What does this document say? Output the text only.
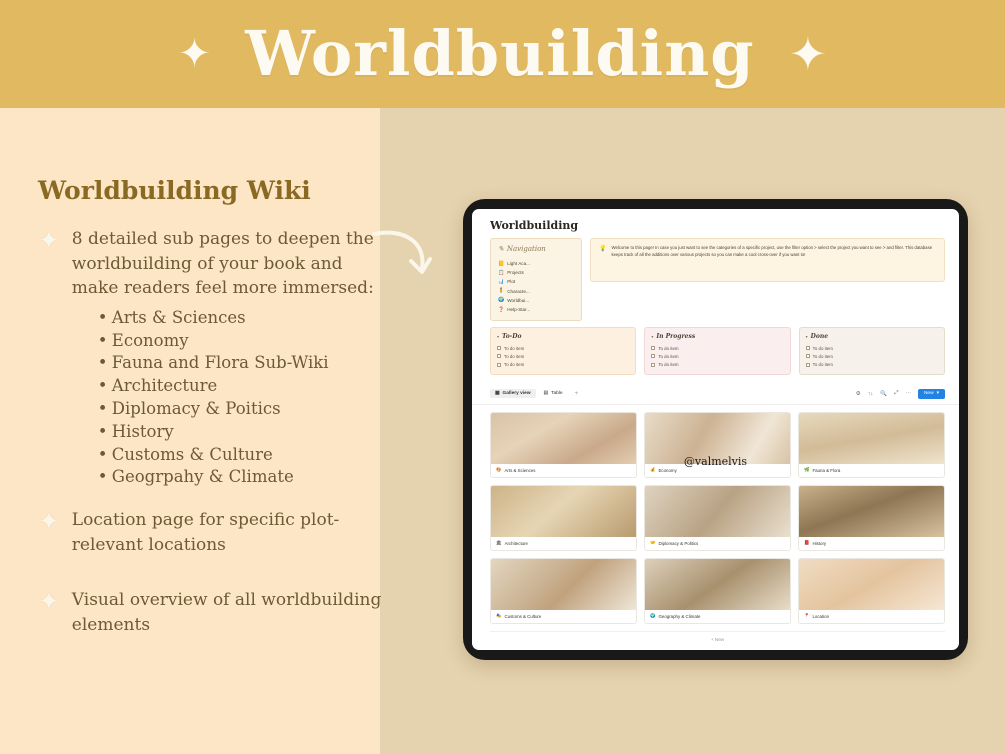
✦ Worldbuilding ✦
Worldbuilding Wiki
✦ 8 detailed sub pages to deepen the worldbuilding of your book and make readers feel more immersed:
• Arts & Sciences
• Economy
• Fauna and Flora Sub-Wiki
• Architecture
• Diplomacy & Poitics
• History
• Customs & Culture
• Geogrpahy & Climate
✦ Location page for specific plot-relevant locations
✦ Visual overview of all worldbuilding elements
Worldbuilding
✎ Navigation
📒 Light Aca...
📋 Projects
📊 Plot
🧍 Characte...
🌍 Worldbui...
❓ Help-Star...
💡 Welcome to this page! In case you just want to see the categories of a specific project, use the filter option > select the project you want to see > and filter. This database keeps track of all the additions over various projects so you can make a cool cross-over if you want to!

▾ To-Do
To do item
To do item
To do item
▾ In Progress
To do item
To do item
To do item
▾ Done
To do item
To do item
To do item
▦ Gallery view	▤ Table	+	⚙ ↑↓ 🔍 ⤢ ⋯	New ▾
🎨 Arts & Sciences	💰 Economy	🌿 Fauna & Flora
🏛 Architecture	🤝 Diplomacy & Politics	📕 History
🎭 Customs & Culture	🌍 Geography & Climate	📍 Location
+ New
@valmelvis
